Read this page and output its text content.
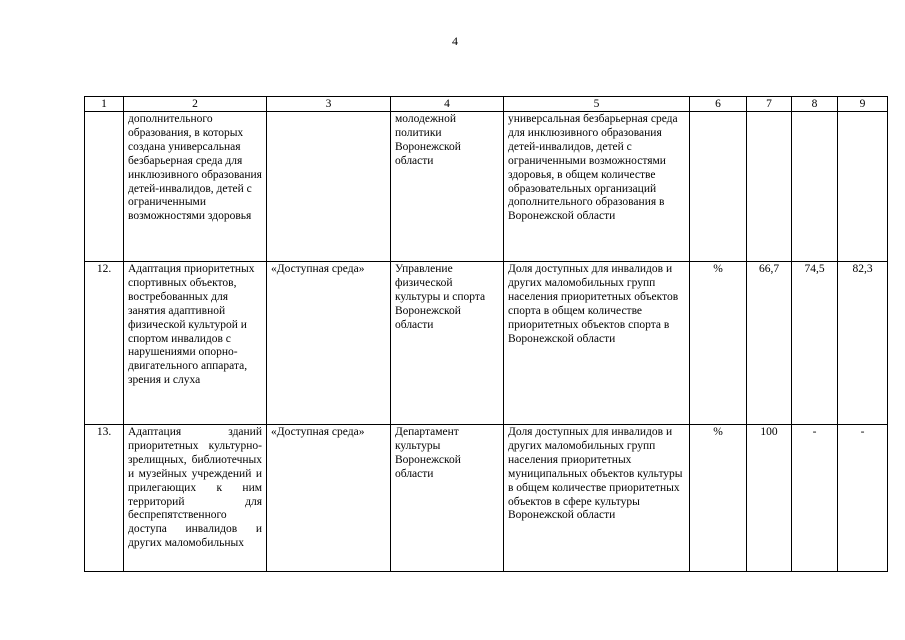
4
1	2	3	4	5	6	7	8	9
	дополнительного образования, в которых создана универсальная безбарьерная среда для инклюзивного образования детей-инвалидов, детей с ограниченными возможностями здоровья		молодежной политики Воронежской области	универсальная безбарьерная среда для инклюзивного образования детей-инвалидов, детей с ограниченными возможностями здоровья, в общем количестве образовательных организаций дополнительного образования в Воронежской области				
12.	Адаптация приоритетных спортивных объектов, востребованных для занятия адаптивной физической культурой и спортом инвалидов с нарушениями опорно-двигательного аппарата, зрения и слуха	«Доступная среда»	Управление физической культуры и спорта Воронежской области	Доля доступных для инвалидов и других маломобильных групп населения приоритетных объектов спорта в общем количестве приоритетных объектов спорта в Воронежской области	%	66,7	74,5	82,3
13.	Адаптация зданий приоритетных культурно-зрелищных, библиотечных и музейных учреждений и прилегающих к ним территорий для беспрепятственного доступа инвалидов и других маломобильных	«Доступная среда»	Департамент культуры Воронежской области	Доля доступных для инвалидов и других маломобильных групп населения приоритетных муниципальных объектов культуры в общем количестве приоритетных объектов в сфере культуры Воронежской области	%	100	-	-
